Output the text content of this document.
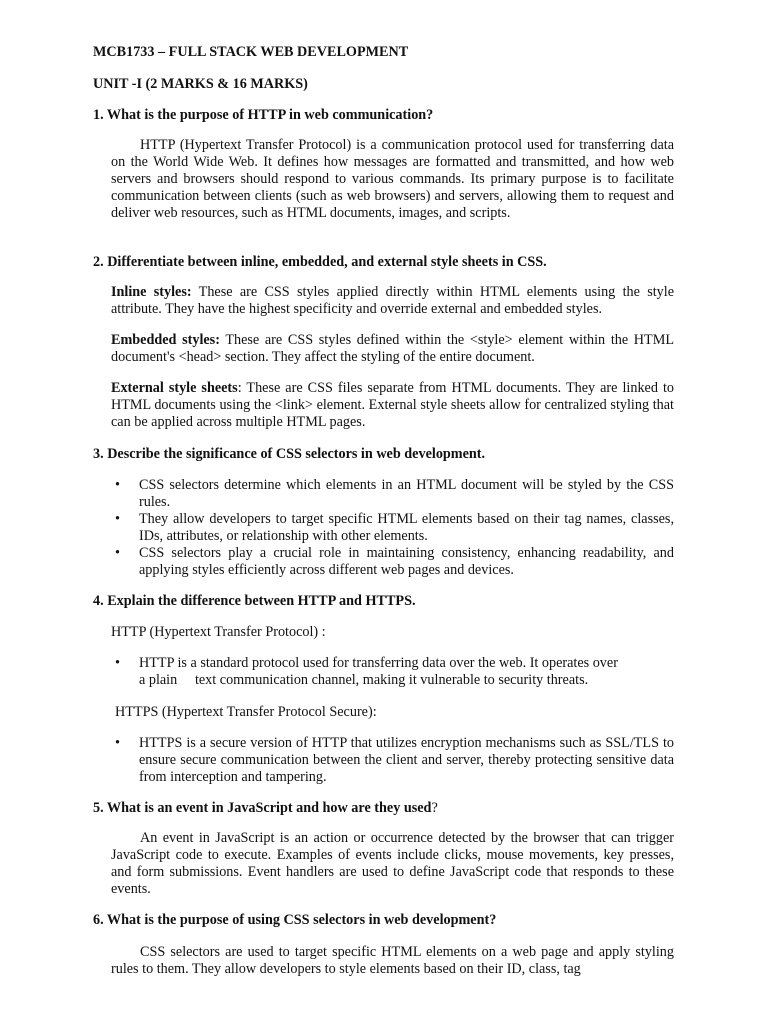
MCB1733 – FULL STACK WEB DEVELOPMENT

UNIT -I (2 MARKS & 16 MARKS)

1. What is the purpose of HTTP in web communication?

HTTP (Hypertext Transfer Protocol) is a communication protocol used for transferring data on the World Wide Web. It defines how messages are formatted and transmitted, and how web servers and browsers should respond to various commands. Its primary purpose is to facilitate communication between clients (such as web browsers) and servers, allowing them to request and deliver web resources, such as HTML documents, images, and scripts.

2. Differentiate between inline, embedded, and external style sheets in CSS.

Inline styles: These are CSS styles applied directly within HTML elements using the style attribute. They have the highest specificity and override external and embedded styles.

Embedded styles: These are CSS styles defined within the <style> element within the HTML document's <head> section. They affect the styling of the entire document.

External style sheets: These are CSS files separate from HTML documents. They are linked to HTML documents using the <link> element. External style sheets allow for centralized styling that can be applied across multiple HTML pages.

3. Describe the significance of CSS selectors in web development.

• CSS selectors determine which elements in an HTML document will be styled by the CSS rules.
• They allow developers to target specific HTML elements based on their tag names, classes, IDs, attributes, or relationship with other elements.
• CSS selectors play a crucial role in maintaining consistency, enhancing readability, and applying styles efficiently across different web pages and devices.

4. Explain the difference between HTTP and HTTPS.

HTTP (Hypertext Transfer Protocol) :

• HTTP is a standard protocol used for transferring data over the web. It operates over
a plain     text communication channel, making it vulnerable to security threats.

HTTPS (Hypertext Transfer Protocol Secure):

• HTTPS is a secure version of HTTP that utilizes encryption mechanisms such as SSL/TLS to ensure secure communication between the client and server, thereby protecting sensitive data from interception and tampering.

5. What is an event in JavaScript and how are they used?

An event in JavaScript is an action or occurrence detected by the browser that can trigger JavaScript code to execute. Examples of events include clicks, mouse movements, key presses, and form submissions. Event handlers are used to define JavaScript code that responds to these events.

6. What is the purpose of using CSS selectors in web development?

CSS selectors are used to target specific HTML elements on a web page and apply styling rules to them. They allow developers to style elements based on their ID, class, tag
